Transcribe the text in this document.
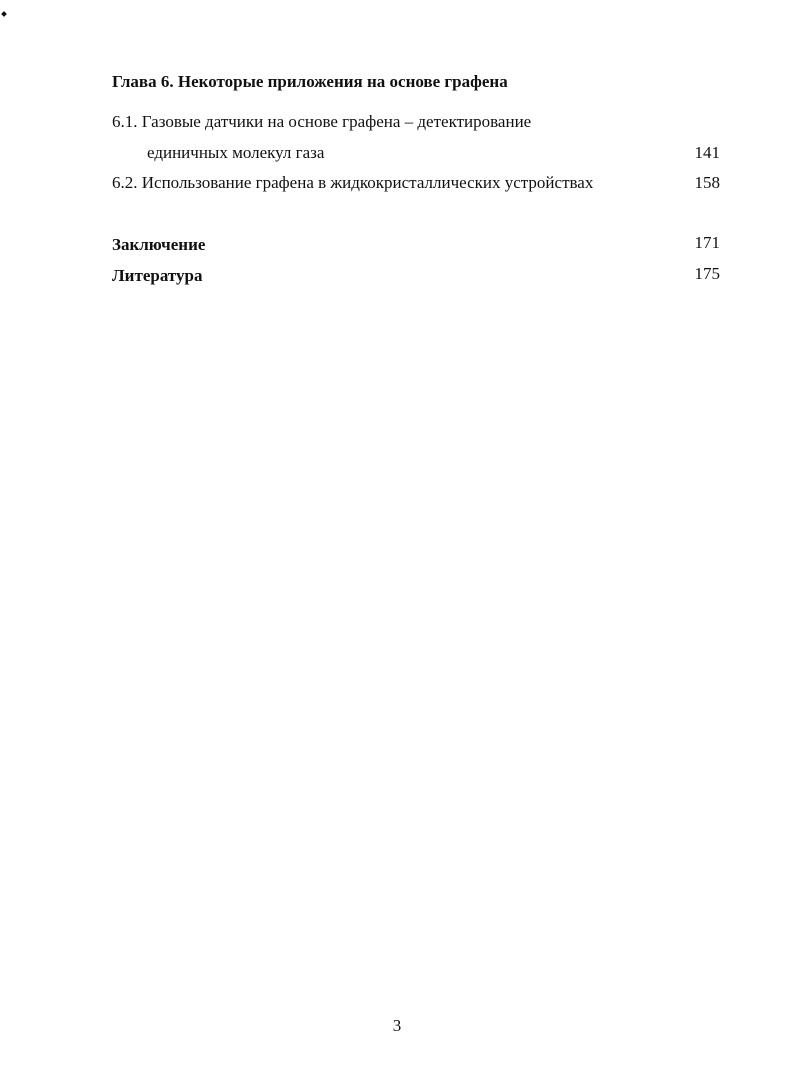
Глава 6. Некоторые приложения на основе графена
6.1. Газовые датчики на основе графена – детектирование
единичных молекул газа	141
6.2. Использование графена в жидкокристаллических устройствах	158
Заключение	171
Литература	175
3
